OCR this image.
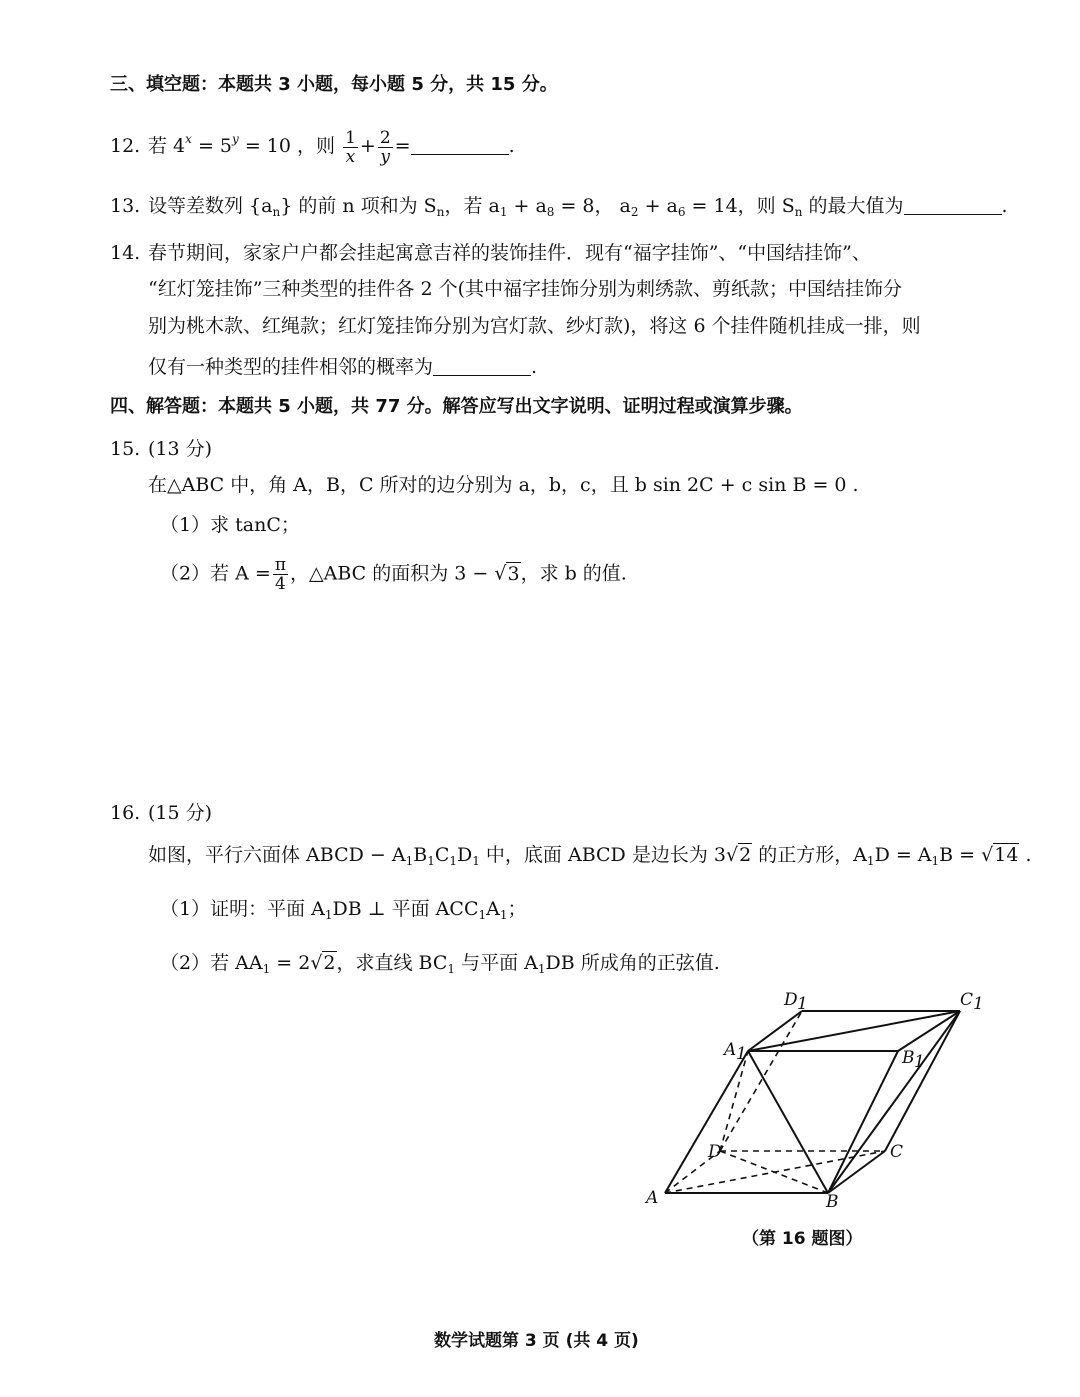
三、填空题：本题共 3 小题，每小题 5 分，共 15 分。
12. 若 $4^x = 5^y = 10$ ，则 $\frac{1}{x} + \frac{2}{y}$ =	.
13. 设等差数列 $\{a_n\}$ 的前 n 项和为 $S_n$，若 $a_1 + a_8 = 8$， $a_2 + a_6 = 14$，则 $S_n$ 的最大值为	.
14. 春节期间，家家户户都会挂起寓意吉祥的装饰挂件．现有“福字挂饰”、“中国结挂饰”、
“红灯笼挂饰”三种类型的挂件各 2 个(其中福字挂饰分别为刺绣款、剪纸款；中国结挂饰分
别为桃木款、红绳款；红灯笼挂饰分别为宫灯款、纱灯款)，将这 6 个挂件随机挂成一排，则
仅有一种类型的挂件相邻的概率为	.
四、解答题：本题共 5 小题，共 77 分。解答应写出文字说明、证明过程或演算步骤。
15. (13 分)
在△ABC 中，角 A，B，C 所对的边分别为 a，b，c，且 b sin 2C + c sin B = 0 .
（1）求 tanC；
（2）若 $A = \frac{\pi}{4}$ ，△ABC 的面积为 3 − √3，求 b 的值.
16. (15 分)
如图，平行六面体 ABCD − $A_1B_1C_1D_1$ 中，底面 ABCD 是边长为 3√2 的正方形，$A_1D = A_1B = √14$ .
（1）证明：平面 $A_1DB$ ⊥ 平面 $ACC_1A_1$；
（2）若 $AA_1 = 2√2$，求直线 $BC_1$ 与平面 $A_1DB$ 所成角的正弦值.
A	B
C
D
A 1	B 1
D 1	C 1
（第 16 题图）
数学试题第 3 页 (共 4 页)
